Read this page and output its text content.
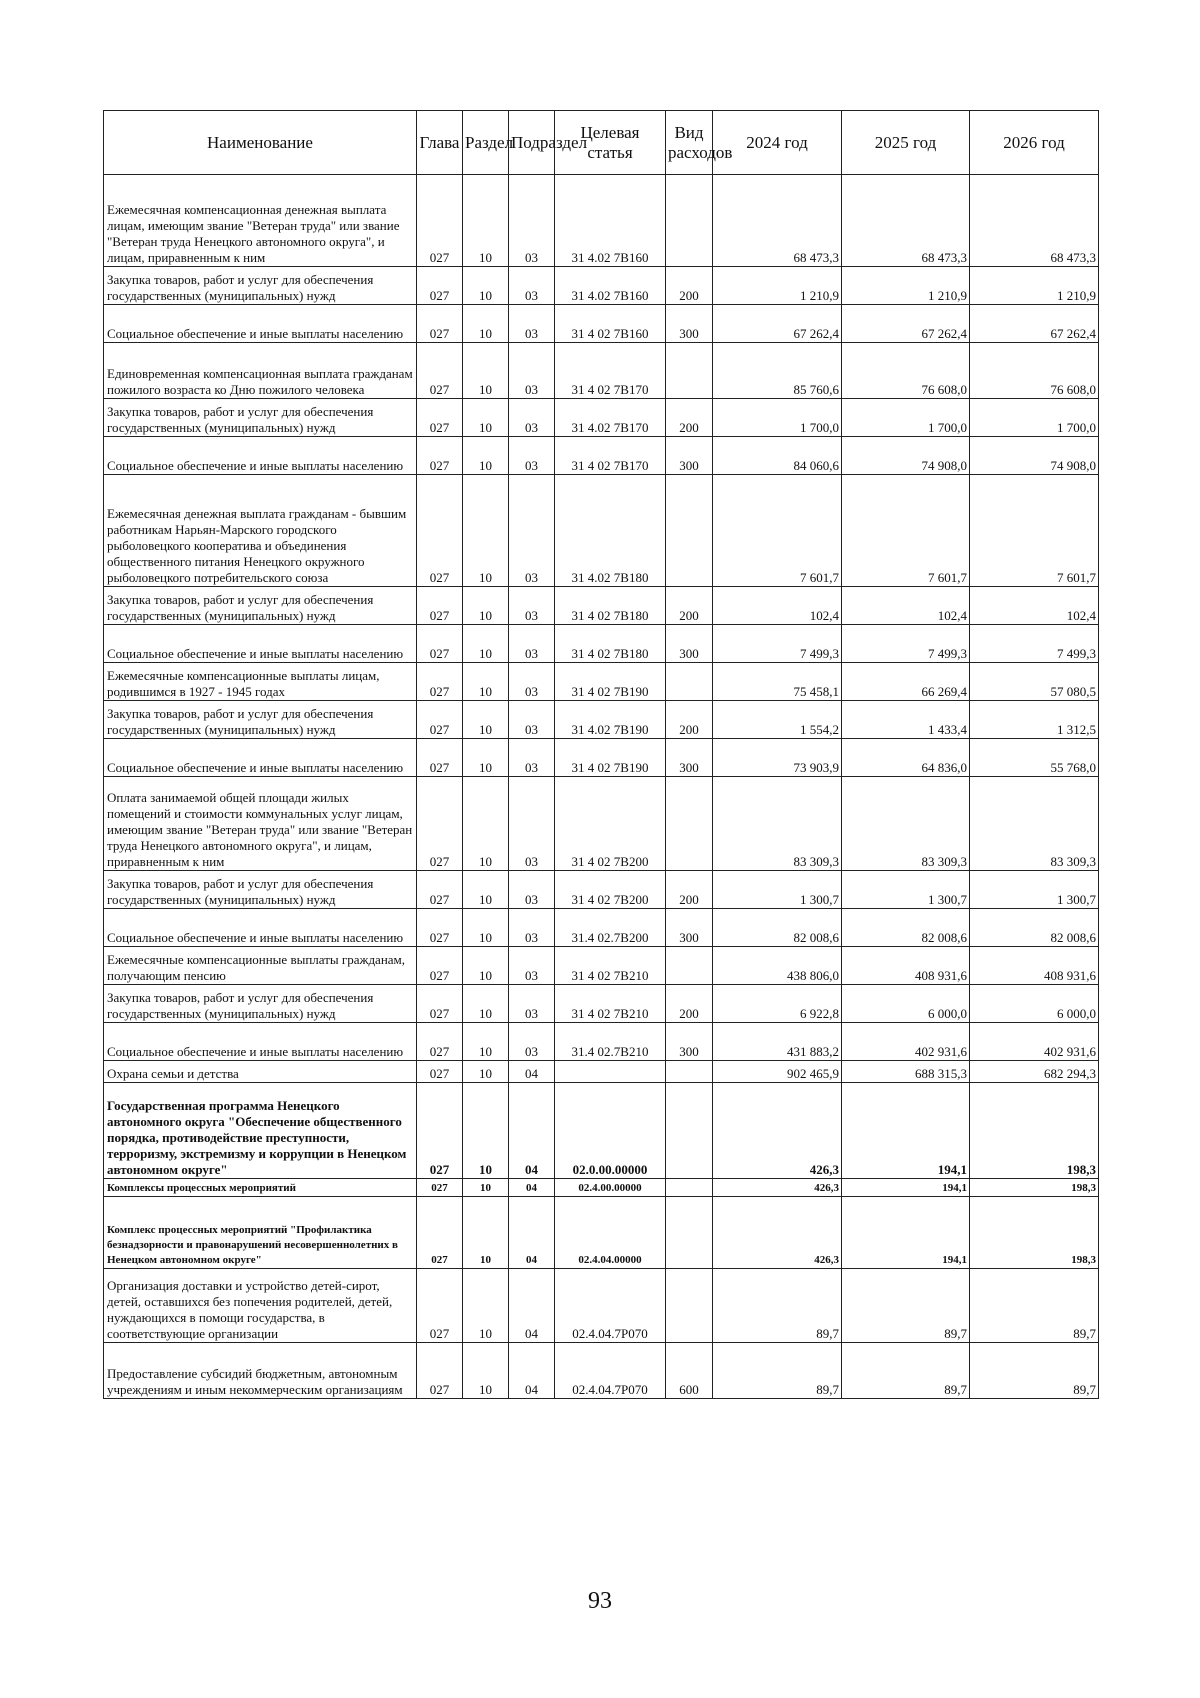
Наименование	Глава	Раздел	Подраздел	Целевая статья	Вид расходов	2024 год	2025 год	2026 год
Ежемесячная компенсационная денежная выплата лицам, имеющим звание "Ветеран труда" или звание "Ветеран труда Ненецкого автономного округа", и лицам, приравненным к ним	027	10	03	31 4.02 7В160		68 473,3	68 473,3	68 473,3
Закупка товаров, работ и услуг для обеспечения государственных (муниципальных) нужд	027	10	03	31 4.02 7В160	200	1 210,9	1 210,9	1 210,9
Социальное обеспечение и иные выплаты населению	027	10	03	31 4 02 7В160	300	67 262,4	67 262,4	67 262,4
Единовременная компенсационная выплата гражданам пожилого возраста ко Дню пожилого человека	027	10	03	31 4 02 7В170		85 760,6	76 608,0	76 608,0
Закупка товаров, работ и услуг для обеспечения государственных (муниципальных) нужд	027	10	03	31 4.02 7В170	200	1 700,0	1 700,0	1 700,0
Социальное обеспечение и иные выплаты населению	027	10	03	31 4 02 7В170	300	84 060,6	74 908,0	74 908,0
Ежемесячная денежная выплата гражданам - бывшим работникам Нарьян-Марского городского рыболовецкого кооператива и объединения общественного питания Ненецкого окружного рыболовецкого потребительского союза	027	10	03	31 4.02 7В180		7 601,7	7 601,7	7 601,7
Закупка товаров, работ и услуг для обеспечения государственных (муниципальных) нужд	027	10	03	31 4 02 7В180	200	102,4	102,4	102,4
Социальное обеспечение и иные выплаты населению	027	10	03	31 4 02 7В180	300	7 499,3	7 499,3	7 499,3
Ежемесячные компенсационные выплаты лицам, родившимся в 1927 - 1945 годах	027	10	03	31 4 02 7В190		75 458,1	66 269,4	57 080,5
Закупка товаров, работ и услуг для обеспечения государственных (муниципальных) нужд	027	10	03	31 4.02 7В190	200	1 554,2	1 433,4	1 312,5
Социальное обеспечение и иные выплаты населению	027	10	03	31 4 02 7В190	300	73 903,9	64 836,0	55 768,0
Оплата занимаемой общей площади жилых помещений и стоимости коммунальных услуг лицам, имеющим звание "Ветеран труда" или звание "Ветеран труда Ненецкого автономного округа", и лицам, приравненным к ним	027	10	03	31 4 02 7В200		83 309,3	83 309,3	83 309,3
Закупка товаров, работ и услуг для обеспечения государственных (муниципальных) нужд	027	10	03	31 4 02 7В200	200	1 300,7	1 300,7	1 300,7
Социальное обеспечение и иные выплаты населению	027	10	03	31.4 02.7В200	300	82 008,6	82 008,6	82 008,6
Ежемесячные компенсационные выплаты гражданам, получающим пенсию	027	10	03	31 4 02 7В210		438 806,0	408 931,6	408 931,6
Закупка товаров, работ и услуг для обеспечения государственных (муниципальных) нужд	027	10	03	31 4 02 7В210	200	6 922,8	6 000,0	6 000,0
Социальное обеспечение и иные выплаты населению	027	10	03	31.4 02.7В210	300	431 883,2	402 931,6	402 931,6
Охрана семьи и детства	027	10	04			902 465,9	688 315,3	682 294,3
Государственная программа Ненецкого автономного округа "Обеспечение общественного порядка, противодействие преступности, терроризму, экстремизму и коррупции в Ненецком автономном округе"	027	10	04	02.0.00.00000		426,3	194,1	198,3
Комплексы процессных мероприятий	027	10	04	02.4.00.00000		426,3	194,1	198,3
Комплекс процессных мероприятий "Профилактика безнадзорности и правонарушений несовершеннолетних в Ненецком автономном округе"	027	10	04	02.4.04.00000		426,3	194,1	198,3
Организация доставки и устройство детей-сирот, детей, оставшихся без попечения родителей, детей, нуждающихся в помощи государства, в соответствующие организации	027	10	04	02.4.04.7Р070		89,7	89,7	89,7
Предоставление субсидий бюджетным, автономным учреждениям и иным некоммерческим организациям	027	10	04	02.4.04.7Р070	600	89,7	89,7	89,7
93
